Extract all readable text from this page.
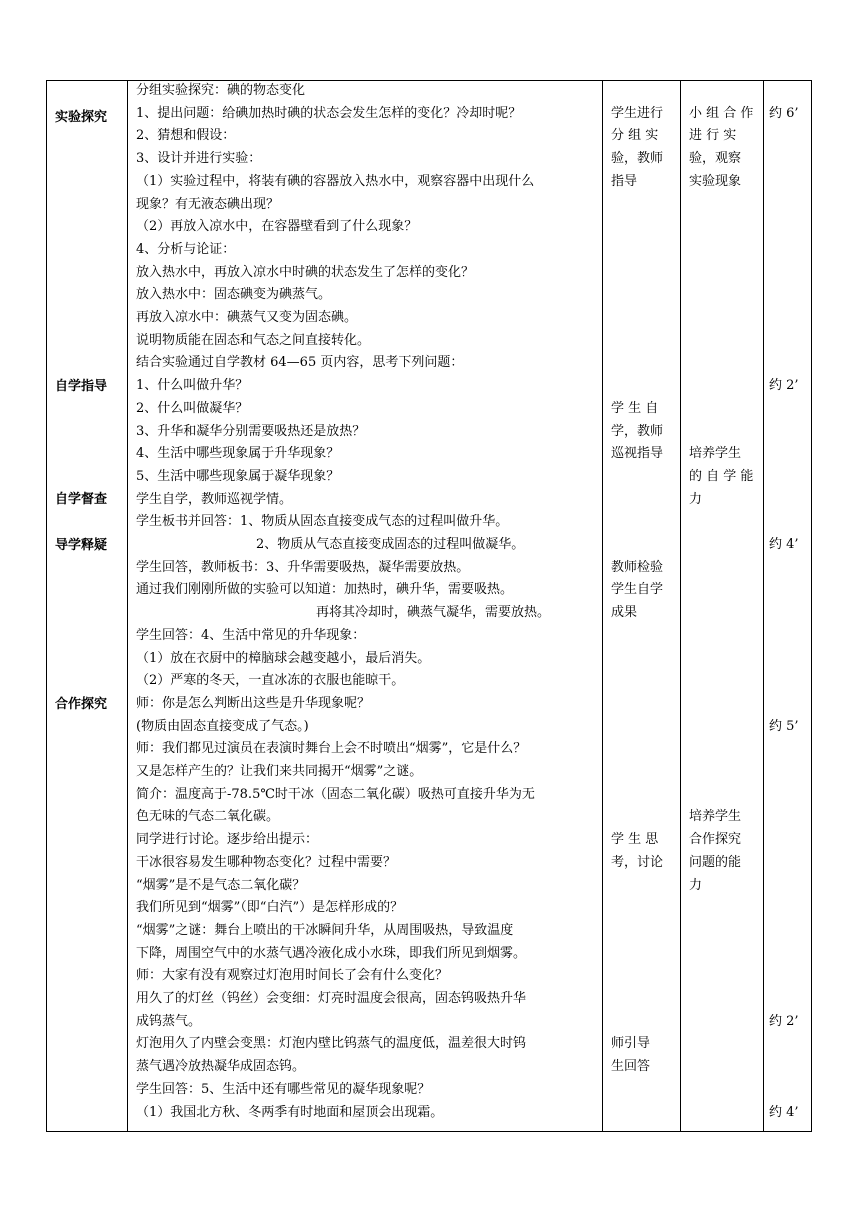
实验探究
自学指导
自学督查
导学释疑
合作探究
分组实验探究：碘的物态变化
1、提出问题：给碘加热时碘的状态会发生怎样的变化？冷却时呢？
2、猜想和假设：
3、设计并进行实验：
（1）实验过程中，将装有碘的容器放入热水中，观察容器中出现什么
现象？有无液态碘出现？
（2）再放入凉水中，在容器壁看到了什么现象？
4、分析与论证：
放入热水中，再放入凉水中时碘的状态发生了怎样的变化？
放入热水中：固态碘变为碘蒸气。
再放入凉水中：碘蒸气又变为固态碘。
说明物质能在固态和气态之间直接转化。
结合实验通过自学教材 64—65 页内容，思考下列问题：
1、什么叫做升华？
2、什么叫做凝华？
3、升华和凝华分别需要吸热还是放热？
4、生活中哪些现象属于升华现象？
5、生活中哪些现象属于凝华现象？
学生自学，教师巡视学情。
学生板书并回答：1、物质从固态直接变成气态的过程叫做升华。
2、物质从气态直接变成固态的过程叫做凝华。
学生回答，教师板书：3、升华需要吸热，凝华需要放热。
通过我们刚刚所做的实验可以知道：加热时，碘升华，需要吸热。
再将其冷却时，碘蒸气凝华，需要放热。
学生回答：4、生活中常见的升华现象：
（1）放在衣厨中的樟脑球会越变越小，最后消失。
（2）严寒的冬天，一直冰冻的衣服也能晾干。
师：你是怎么判断出这些是升华现象呢？
(物质由固态直接变成了气态。)
师：我们都见过演员在表演时舞台上会不时喷出“烟雾”，它是什么？
又是怎样产生的？让我们来共同揭开“烟雾”之谜。
简介：温度高于-78.5℃时干冰（固态二氧化碳）吸热可直接升华为无
色无味的气态二氧化碳。
同学进行讨论。逐步给出提示：
干冰很容易发生哪种物态变化？过程中需要？
“烟雾”是不是气态二氧化碳？
我们所见到“烟雾”（即“白汽”）是怎样形成的？
“烟雾”之谜：舞台上喷出的干冰瞬间升华，从周围吸热，导致温度
下降，周围空气中的水蒸气遇冷液化成小水珠，即我们所见到烟雾。
师：大家有没有观察过灯泡用时间长了会有什么变化？
用久了的灯丝（钨丝）会变细：灯亮时温度会很高，固态钨吸热升华
成钨蒸气。
灯泡用久了内壁会变黑：灯泡内壁比钨蒸气的温度低，温差很大时钨
蒸气遇冷放热凝华成固态钨。
学生回答：5、生活中还有哪些常见的凝华现象呢？
（1）我国北方秋、冬两季有时地面和屋顶会出现霜。
学生进行
分 组 实
验，教师
指导
学 生 自
学，教师
巡视指导
教师检验
学生自学
成果
学 生 思
考，讨论
师引导
生回答
小 组 合 作
进 行 实
验，观察
实验现象
培养学生
的 自 学 能
力
培养学生
合作探究
问题的能
力
约 6’
约 2’
约 4’
约 5’
约 2’
约 4’
